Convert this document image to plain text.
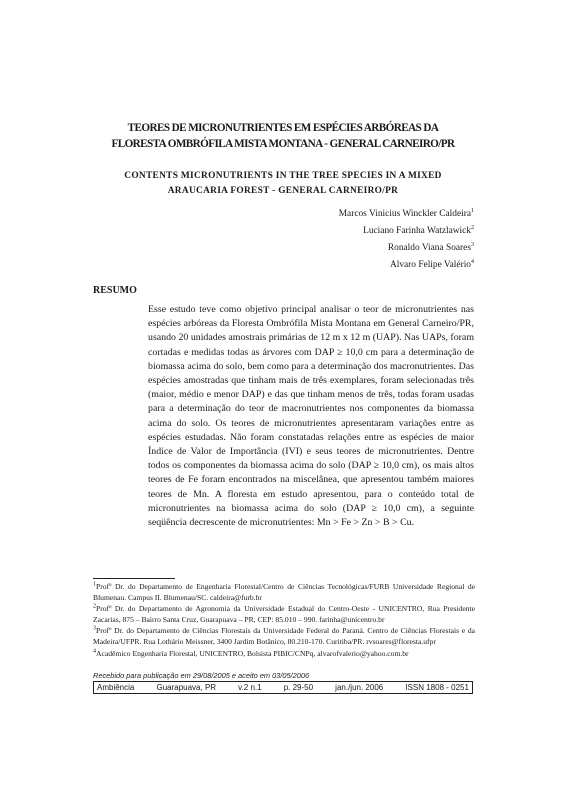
TEORES DE MICRONUTRIENTES EM ESPÉCIES ARBÓREAS DA
FLORESTA OMBRÓFILA MISTA MONTANA - GENERAL CARNEIRO/PR
CONTENTS MICRONUTRIENTS IN THE TREE SPECIES IN A MIXED
ARAUCARIA FOREST - GENERAL CARNEIRO/PR
Marcos Vinicius Winckler Caldeira$^1$
Luciano Farinha Watzlawick$^2$
Ronaldo Viana Soares$^3$
Alvaro Felipe Valério$^4$
RESUMO

Esse estudo teve como objetivo principal analisar o teor de micronutrientes nas espécies arbóreas da Floresta Ombrófila Mista Montana em General Carneiro/PR, usando 20 unidades amostrais primárias de 12 m x 12 m (UAP). Nas UAPs, foram cortadas e medidas todas as árvores com DAP ≥ 10,0 cm para a determinação de biomassa acima do solo, bem como para a determinação dos macronutrientes. Das espécies amostradas que tinham mais de três exemplares, foram selecionadas três (maior, médio e menor DAP) e das que tinham menos de três, todas foram usadas para a determinação do teor de macronutrientes nos componentes da biomassa acima do solo. Os teores de micronutrientes apresentaram variações entre as espécies estudadas. Não foram constatadas relações entre as espécies de maior Índice de Valor de Importância (IVI) e seus teores de micronutrientes. Dentre todos os componentes da biomassa acima do solo (DAP ≥ 10,0 cm), os mais altos teores de Fe foram encontrados na miscelânea, que apresentou também maiores teores de Mn. A floresta em estudo apresentou, para o conteúdo total de micronutrientes na biomassa acima do solo (DAP ≥ 10,0 cm), a seguinte seqüência decrescente de micronutrientes: Mn > Fe > Zn > B > Cu.

$^1$Profº Dr. do Departamento de Engenharia Florestal/Centro de Ciências Tecnológicas/FURB Universidade Regional de Blumenau. Campus II. Blumenau/SC. caldeira@furb.br

$^2$Profº Dr. do Departamento de Agronomia da Universidade Estadual do Centro-Oeste - UNICENTRO, Rua Presidente Zacarias, 875 – Bairro Santa Cruz, Guarapuava – PR, CEP: 85.010 – 990. farinha@unicentro.br

$^3$Profº Dr. do Departamento de Ciências Florestais da Universidade Federal do Paraná. Centro de Ciências Florestais e da Madeira/UFPR. Rua Lothário Meissner, 3400 Jardim Botânico, 80.210-170. Curitiba/PR. rvsoares@floresta.ufpr

$^4$Acadêmico Engenharia Florestal, UNICENTRO, Bolsista PIBIC/CNPq, alvarofvalerio@yahoo.com.br

Recebido para publicação em 29/08/2005 e aceito em 03/05/2006
Ambiência	Guarapuava, PR	v.2 n.1	p. 29-50	jan./jun. 2006	ISSN 1808 - 0251
